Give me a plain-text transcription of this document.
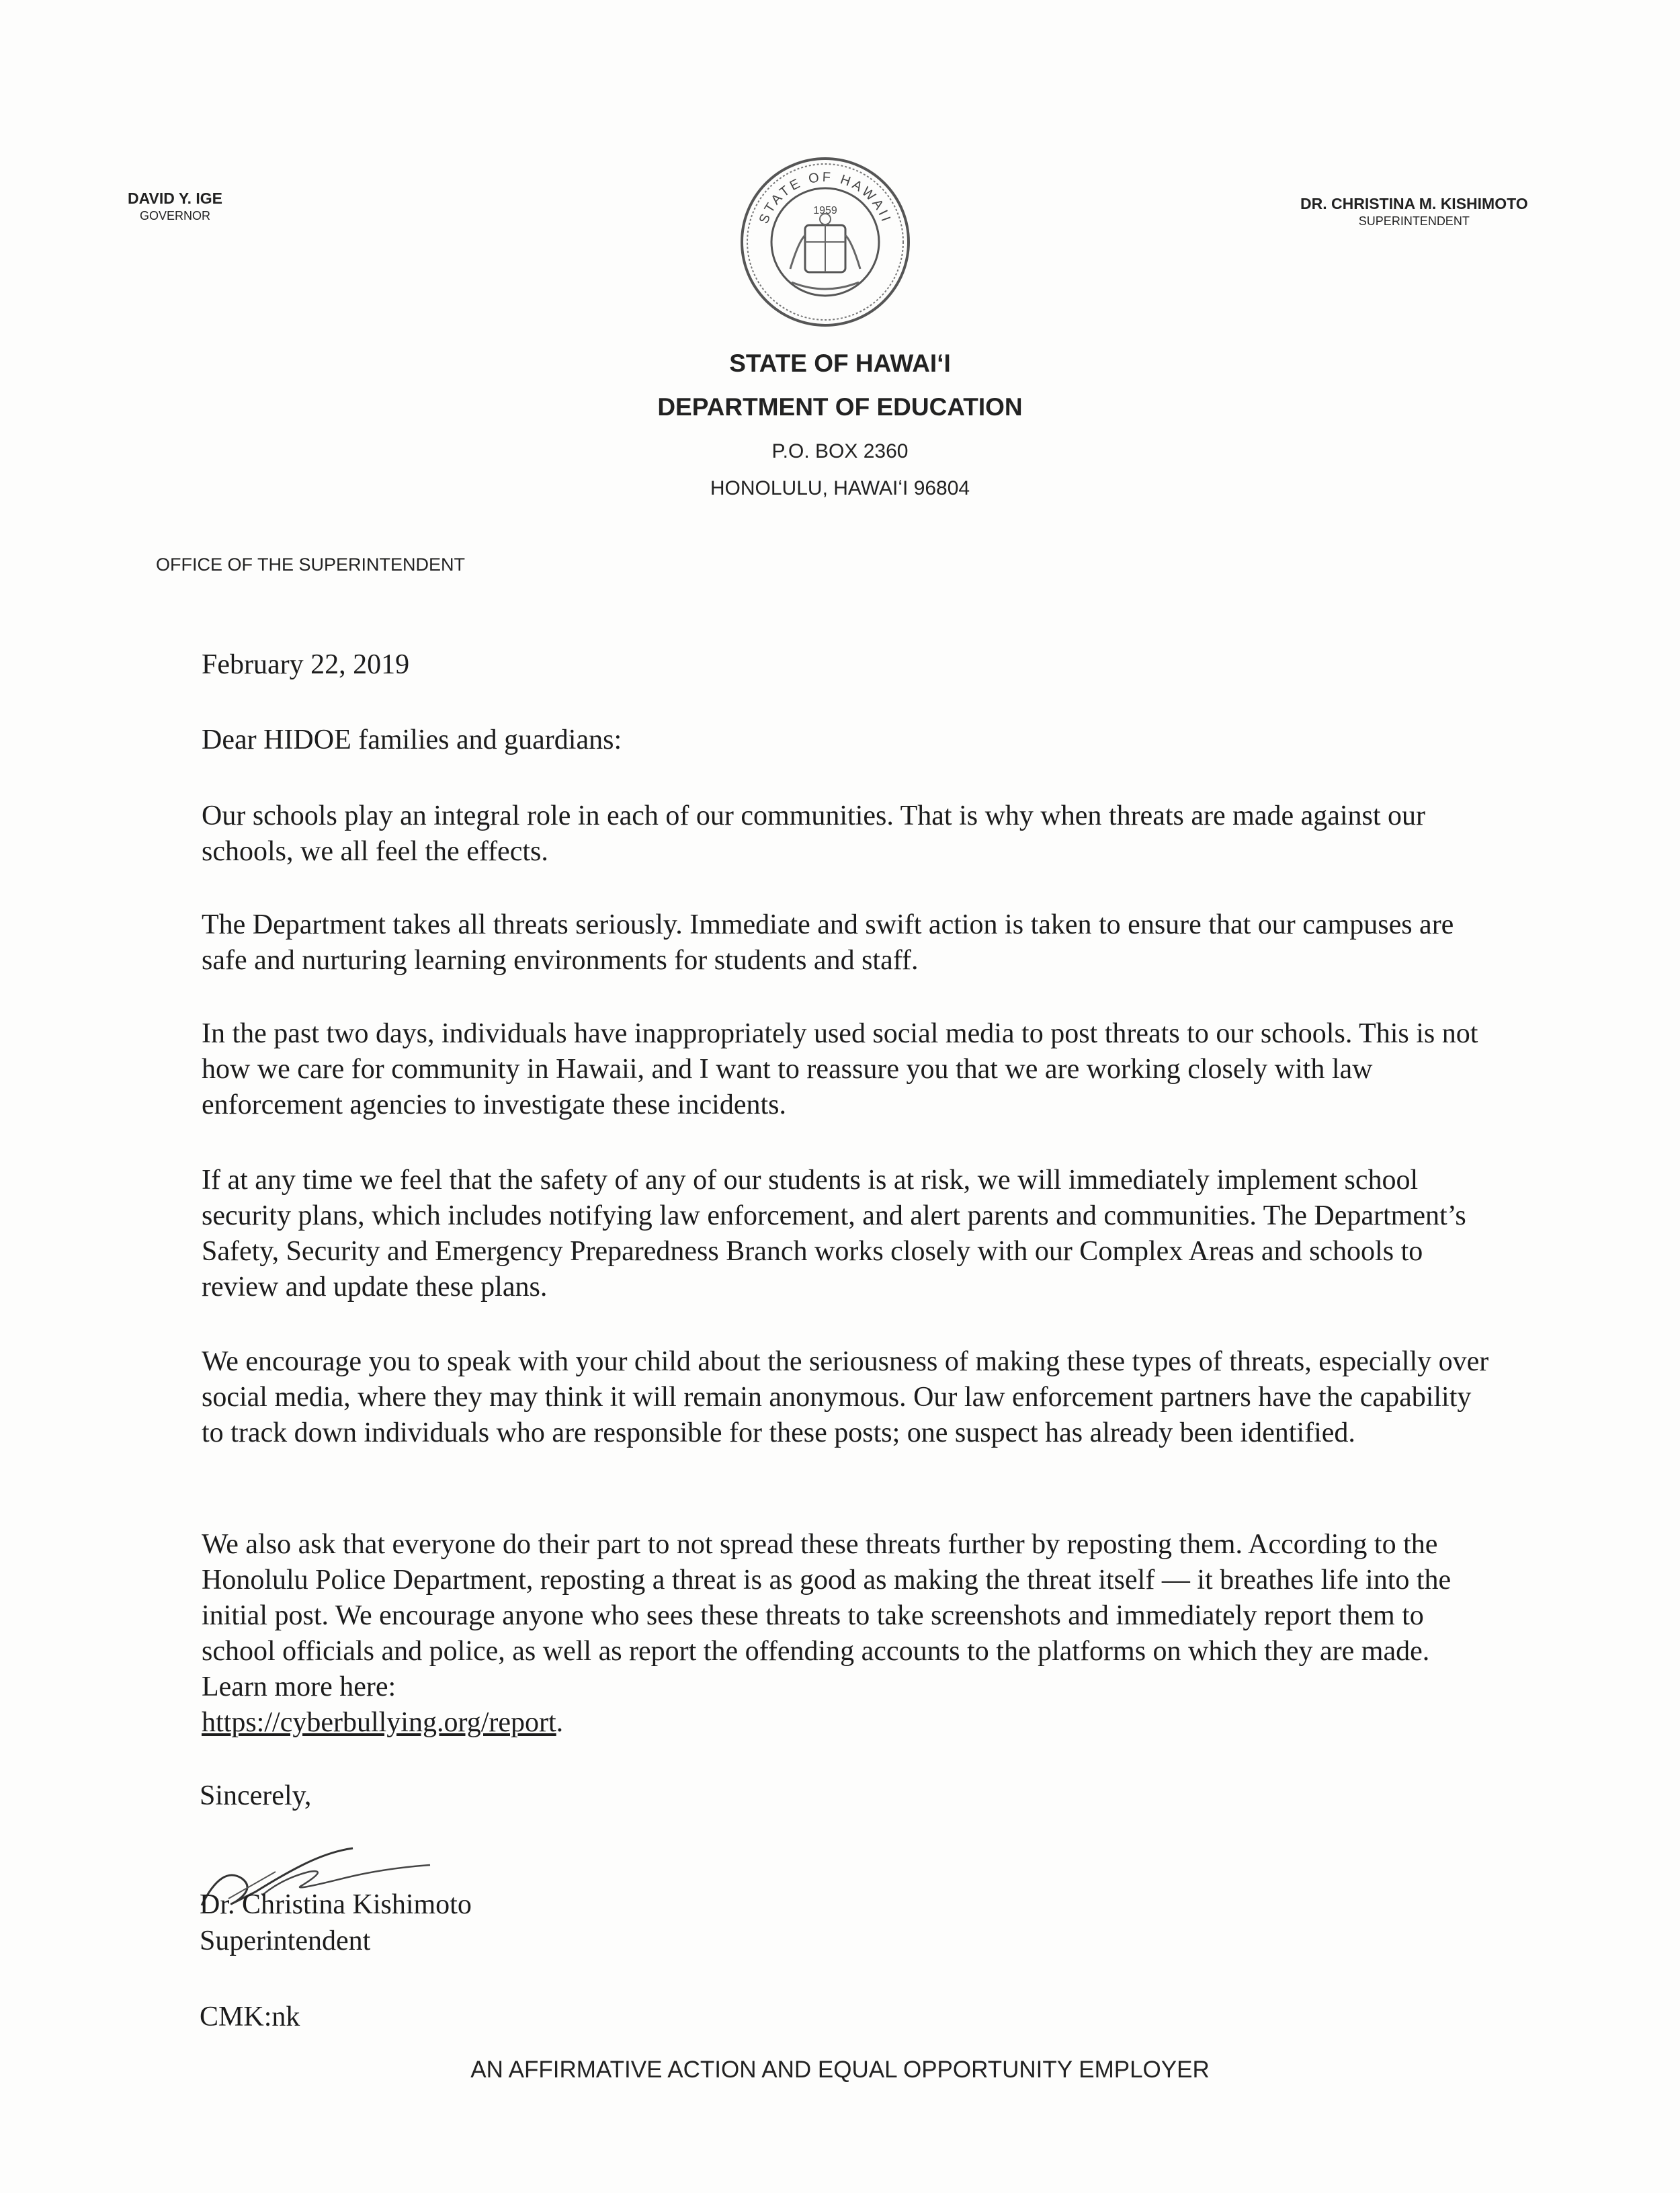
DAVID Y. IGE
GOVERNOR	STATE OF HAWAII
1959	DR. CHRISTINA M. KISHIMOTO
SUPERINTENDENT
STATE OF HAWAIʻI
DEPARTMENT OF EDUCATION
P.O. BOX 2360
HONOLULU, HAWAIʻI 96804
OFFICE OF THE SUPERINTENDENT
February 22, 2019
Dear HIDOE families and guardians:

Our schools play an integral role in each of our communities. That is why when threats are made against our schools, we all feel the effects.

The Department takes all threats seriously. Immediate and swift action is taken to ensure that our campuses are safe and nurturing learning environments for students and staff.

In the past two days, individuals have inappropriately used social media to post threats to our schools. This is not how we care for community in Hawaii, and I want to reassure you that we are working closely with law enforcement agencies to investigate these incidents.

If at any time we feel that the safety of any of our students is at risk, we will immediately implement school security plans, which includes notifying law enforcement, and alert parents and communities. The Department’s Safety, Security and Emergency Preparedness Branch works closely with our Complex Areas and schools to review and update these plans.

We encourage you to speak with your child about the seriousness of making these types of threats, especially over social media, where they may think it will remain anonymous. Our law enforcement partners have the capability to track down individuals who are responsible for these posts; one suspect has already been identified.

We also ask that everyone do their part to not spread these threats further by reposting them. According to the Honolulu Police Department, reposting a threat is as good as making the threat itself — it breathes life into the initial post. We encourage anyone who sees these threats to take screenshots and immediately report them to school officials and police, as well as report the offending accounts to the platforms on which they are made. Learn more here:
https://cyberbullying.org/report.

Sincerely,
Dr. Christina Kishimoto
Superintendent
CMK:nk
AN AFFIRMATIVE ACTION AND EQUAL OPPORTUNITY EMPLOYER
